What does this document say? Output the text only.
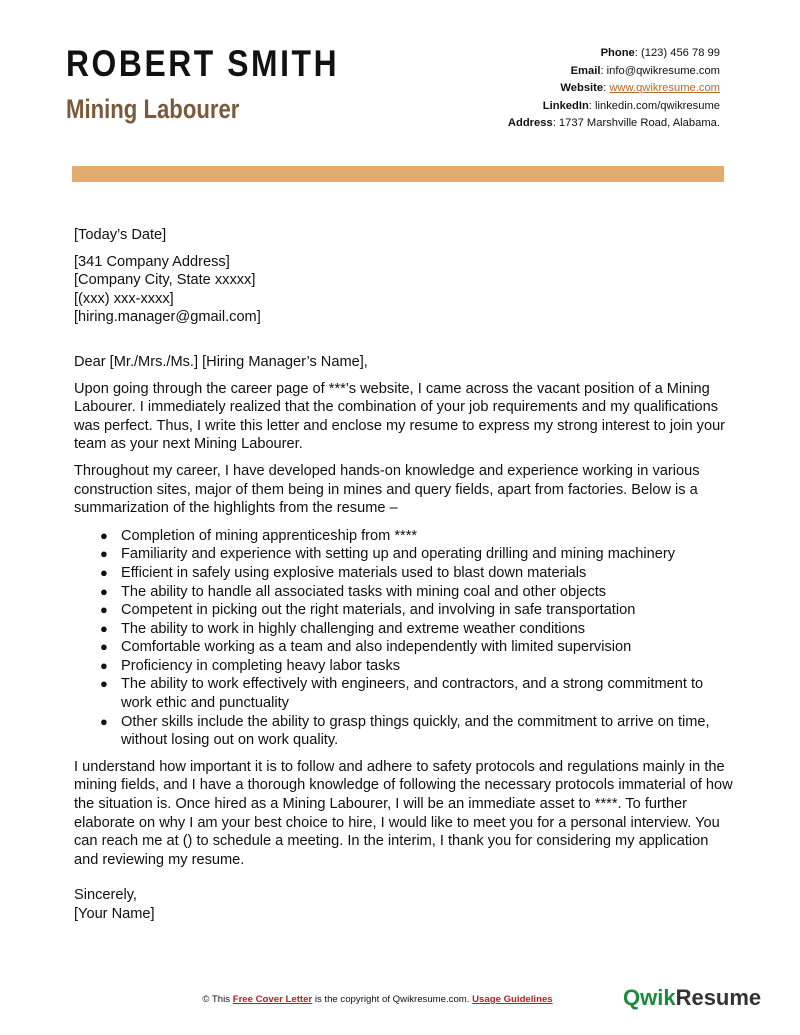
ROBERT SMITH
Mining Labourer
Phone: (123) 456 78 99
Email: info@qwikresume.com
Website: www.qwikresume.com
LinkedIn: linkedin.com/qwikresume
Address: 1737 Marshville Road, Alabama.

[Today’s Date]

[341 Company Address]

[Company City, State xxxxx]

[(xxx) xxx-xxxx]

[hiring.manager@gmail.com]

Dear [Mr./Mrs./Ms.] [Hiring Manager’s Name],

Upon going through the career page of ***’s website, I came across the vacant position of a Mining Labourer. I immediately realized that the combination of your job requirements and my qualifications was perfect. Thus, I write this letter and enclose my resume to express my strong interest to join your team as your next Mining Labourer.

Throughout my career, I have developed hands-on knowledge and experience working in various construction sites, major of them being in mines and query fields, apart from factories. Below is a summarization of the highlights from the resume –

● Completion of mining apprenticeship from ****
● Familiarity and experience with setting up and operating drilling and mining machinery
● Efficient in safely using explosive materials used to blast down materials
● The ability to handle all associated tasks with mining coal and other objects
● Competent in picking out the right materials, and involving in safe transportation
● The ability to work in highly challenging and extreme weather conditions
● Comfortable working as a team and also independently with limited supervision
● Proficiency in completing heavy labor tasks
● The ability to work effectively with engineers, and contractors, and a strong commitment to work ethic and punctuality
● Other skills include the ability to grasp things quickly, and the commitment to arrive on time, without losing out on work quality.

I understand how important it is to follow and adhere to safety protocols and regulations mainly in the mining fields, and I have a thorough knowledge of following the necessary protocols immaterial of how the situation is. Once hired as a Mining Labourer, I will be an immediate asset to ****. To further elaborate on why I am your best choice to hire, I would like to meet you for a personal interview. You can reach me at () to schedule a meeting. In the interim, I thank you for considering my application and reviewing my resume.

Sincerely,

[Your Name]

© This Free Cover Letter is the copyright of Qwikresume.com. Usage Guidelines	QwikResume
